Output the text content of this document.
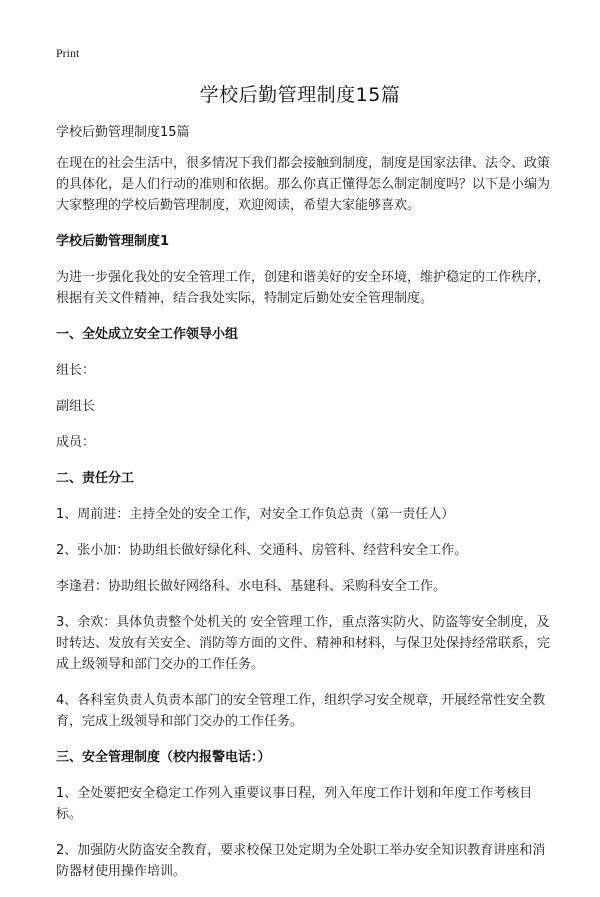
Print
学校后勤管理制度15篇

学校后勤管理制度15篇

在现在的社会生活中，很多情况下我们都会接触到制度，制度是国家法律、法令、政策的具体化，是人们行动的准则和依据。那么你真正懂得怎么制定制度吗？以下是小编为大家整理的学校后勤管理制度，欢迎阅读，希望大家能够喜欢。

学校后勤管理制度1

为进一步强化我处的安全管理工作，创建和谐美好的安全环境，维护稳定的工作秩序，根据有关文件精神，结合我处实际，特制定后勤处安全管理制度。

一、全处成立安全工作领导小组

组长：

副组长

成员：

二、责任分工

1、周前进：主持全处的安全工作，对安全工作负总责（第一责任人）

2、张小加：协助组长做好绿化科、交通科、房管科、经营科安全工作。

李逢君：协助组长做好网络科、水电科、基建科、采购科安全工作。

3、余欢：具体负责整个处机关的 安全管理工作，重点落实防火、防盗等安全制度，及时转达、发放有关安全、消防等方面的文件、精神和材料，与保卫处保持经常联系，完成上级领导和部门交办的工作任务。

4、各科室负责人负责本部门的安全管理工作，组织学习安全规章，开展经常性安全教育，完成上级领导和部门交办的工作任务。

三、安全管理制度（校内报警电话：）

1、全处要把安全稳定工作列入重要议事日程，列入年度工作计划和年度工作考核目标。

2、加强防火防盗安全教育，要求校保卫处定期为全处职工举办安全知识教育讲座和消防器材使用操作培训。
